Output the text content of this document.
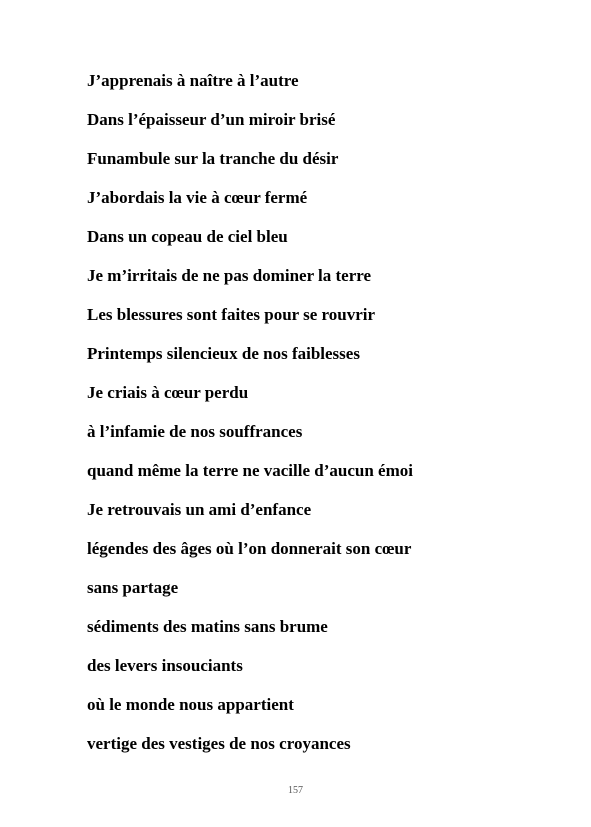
J’apprenais à naître à l’autre
Dans l’épaisseur d’un miroir brisé
Funambule sur la tranche du désir
J’abordais la vie à cœur fermé
Dans un copeau de ciel bleu
Je m’irritais de ne pas dominer la terre
Les blessures sont faites pour se rouvrir
Printemps silencieux de nos faiblesses
Je criais à cœur perdu
à l’infamie de nos souffrances
quand même la terre ne vacille d’aucun émoi
Je retrouvais un ami d’enfance
légendes des âges où l’on donnerait son cœur
sans partage
sédiments des matins sans brume
des levers insouciants
où le monde nous appartient
vertige des vestiges de nos croyances
157
